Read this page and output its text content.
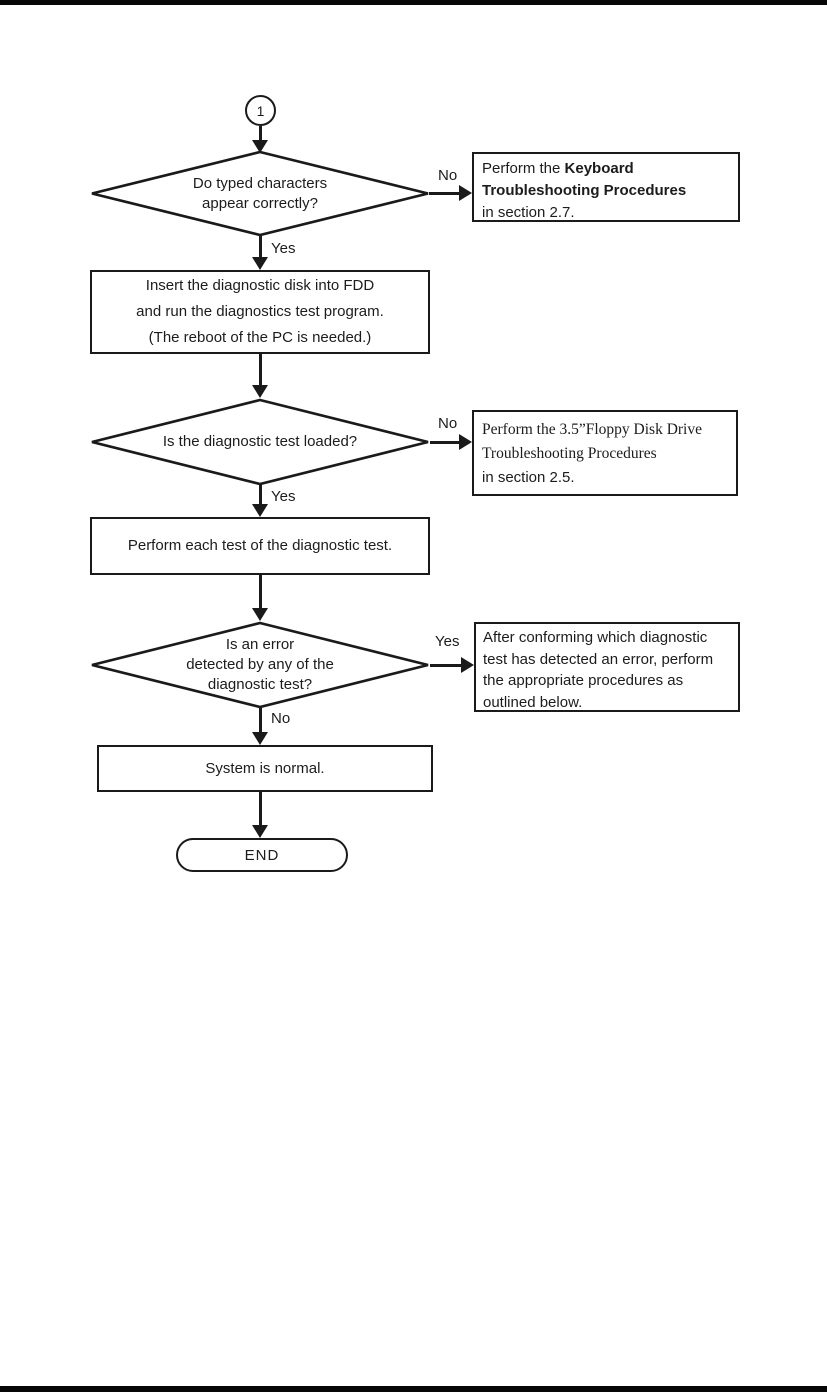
1
Do typed characters
appear correctly?
No Perform the Keyboard
Troubleshooting Procedures
in section 2.7.
Yes
Insert the diagnostic disk into FDD
and run the diagnostics test program.
(The reboot of the PC is needed.)
Is the diagnostic test loaded?
No Perform the 3.5”Floppy Disk Drive
Troubleshooting Procedures
in section 2.5.
Yes
Perform each test of the diagnostic test.
Is an error
detected by any of the
diagnostic test?
Yes After conforming which diagnostic
test has detected an error, perform
the appropriate procedures as
outlined below.
No
System is normal.
END
